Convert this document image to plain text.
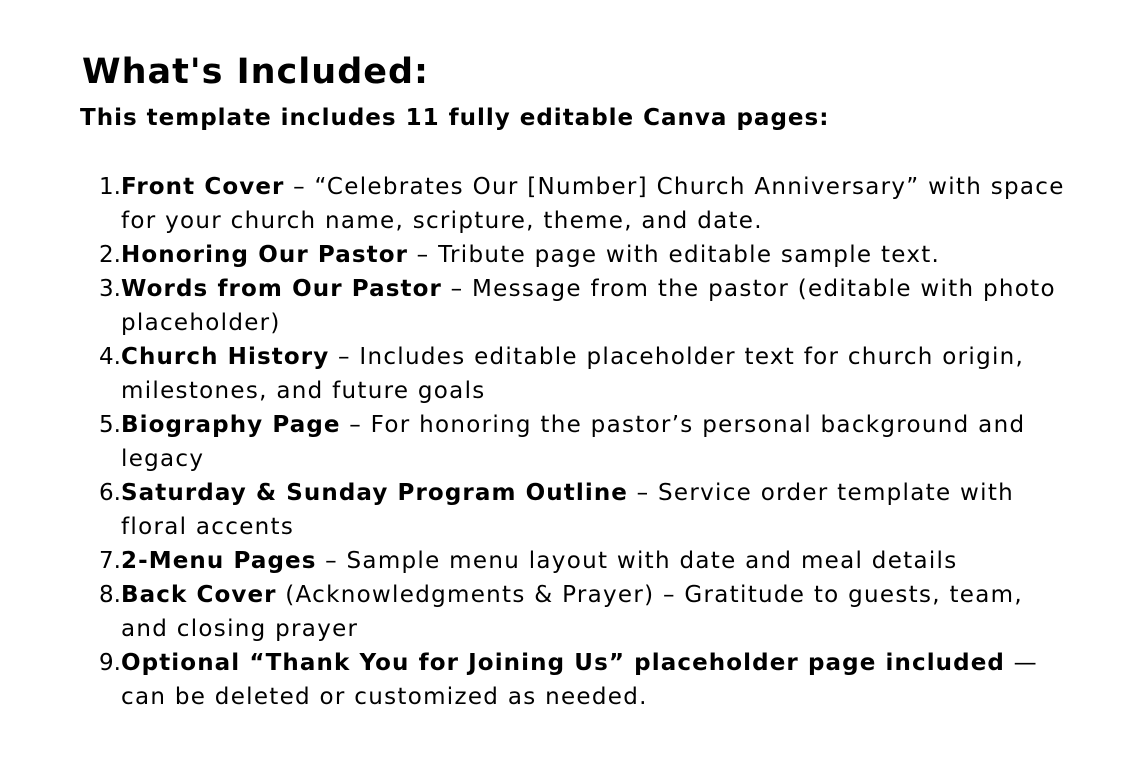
What's Included:
This template includes 11 fully editable Canva pages:
1. Front Cover – “Celebrates Our [Number] Church Anniversary” with space for your church name, scripture, theme, and date.
2. Honoring Our Pastor – Tribute page with editable sample text.
3. Words from Our Pastor – Message from the pastor (editable with photo placeholder)
4. Church History – Includes editable placeholder text for church origin, milestones, and future goals
5. Biography Page – For honoring the pastor’s personal background and legacy
6. Saturday & Sunday Program Outline – Service order template with floral accents
7. 2-Menu Pages – Sample menu layout with date and meal details
8. Back Cover (Acknowledgments & Prayer) – Gratitude to guests, team, and closing prayer
9. Optional “Thank You for Joining Us” placeholder page included — can be deleted or customized as needed.
